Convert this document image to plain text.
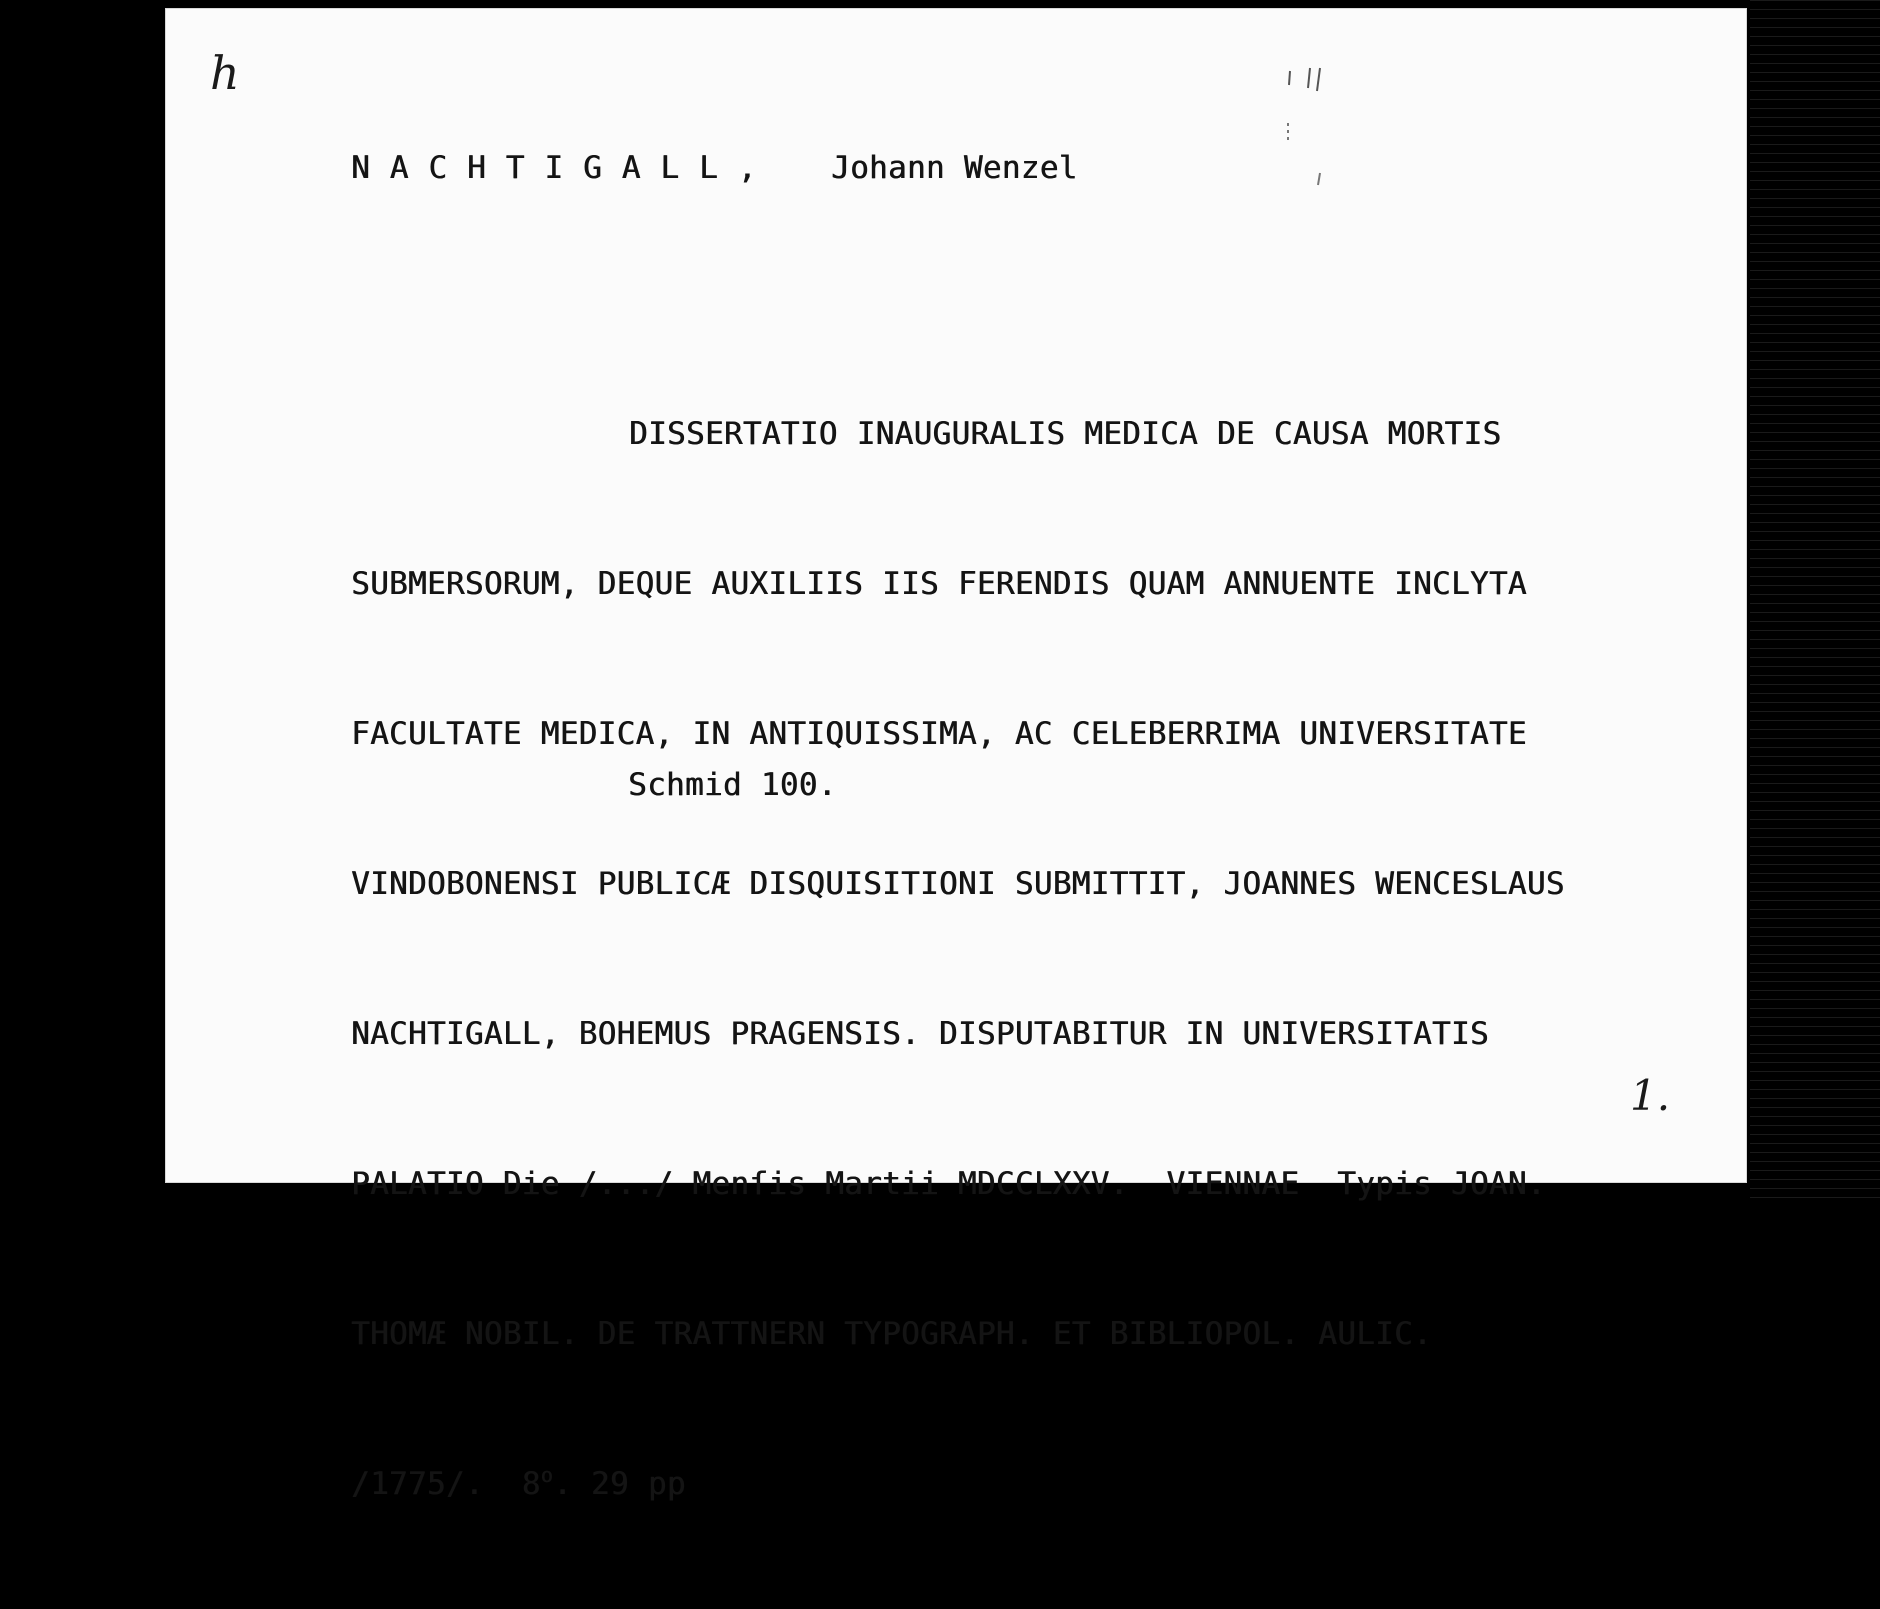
h
NACHTIGALL, Johann Wenzel

DISSERTATIO INAUGURALIS MEDICA DE CAUSA MORTIS

SUBMERSORUM, DEQUE AUXILIIS IIS FERENDIS QUAM ANNUENTE INCLYTA

FACULTATE MEDICA, IN ANTIQUISSIMA, AC CELEBERRIMA UNIVERSITATE

VINDOBONENSI PUBLICÆ DISQUISITIONI SUBMITTIT, JOANNES WENCESLAUS

NACHTIGALL, BOHEMUS PRAGENSIS. DISPUTABITUR IN UNIVERSITATIS

PALATIO Die /.../ Menſis Martii MDCCLXXV.  VIENNAE  Typis JOAN.

THOMÆ NOBIL. DE TRATTNERN TYPOGRAPH. ET BIBLIOPOL. AULIC.

/1775/. 8$^o$. 29 pp

Schmid 100.
1.
